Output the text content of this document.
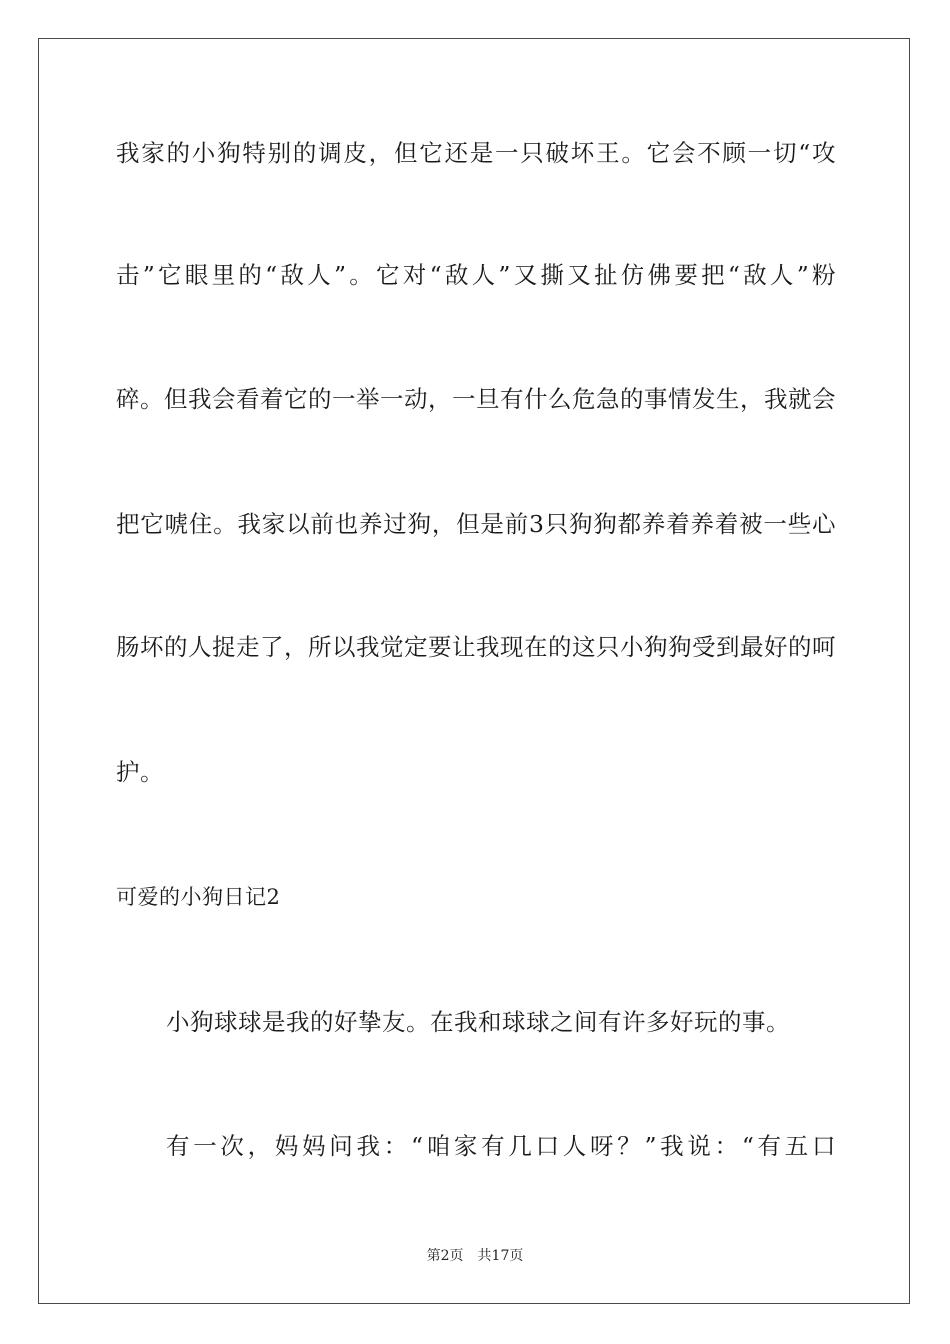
我家的小狗特别的调皮，但它还是一只破坏王。它会不顾一切“攻
击”它眼里的“敌人”。它对“敌人”又撕又扯仿佛要把“敌人”粉
碎。但我会看着它的一举一动，一旦有什么危急的事情发生，我就会
把它唬住。我家以前也养过狗，但是前3只狗狗都养着养着被一些心
肠坏的人捉走了，所以我觉定要让我现在的这只小狗狗受到最好的呵
护。
可爱的小狗日记2
小狗球球是我的好挚友。在我和球球之间有许多好玩的事。
有一次，妈妈问我：“咱家有几口人呀？”我说：“有五口
第2页 共17页
